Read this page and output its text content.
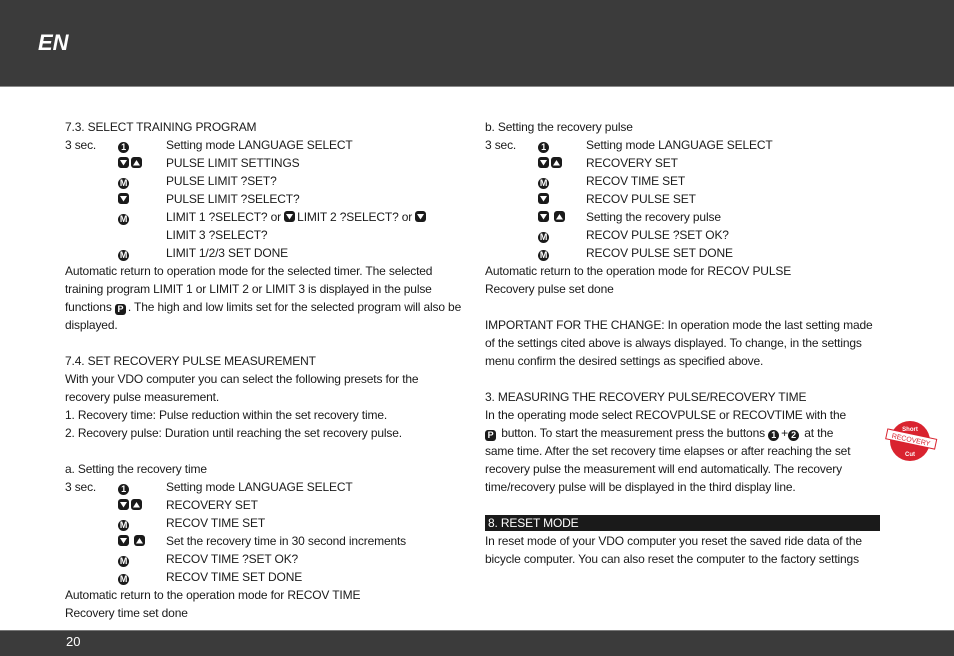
EN
7.3. SELECT TRAINING PROGRAM
3 sec.	1	Setting mode LANGUAGE SELECT
PULSE LIMIT SETTINGS
M	PULSE LIMIT ?SET?
PULSE LIMIT ?SELECT?
M	LIMIT 1 ?SELECT? or LIMIT 2 ?SELECT? or

LIMIT 3 ?SELECT?
M	LIMIT 1/2/3 SET DONE
Automatic return to operation mode for the selected timer. The selected training program LIMIT 1 or LIMIT 2 or LIMIT 3 is displayed in the pulse functions P . The high and low limits set for the selected program will also be displayed.
7.4. SET RECOVERY PULSE MEASUREMENT
With your VDO computer you can select the following presets for the recovery pulse measurement.
1. Recovery time: Pulse reduction within the set recovery time.
2. Recovery pulse: Duration until reaching the set recovery pulse.
a. Setting the recovery time
3 sec.	1	Setting mode LANGUAGE SELECT
RECOVERY SET
M	RECOV TIME SET

Set the recovery time in 30 second increments
M	RECOV TIME ?SET OK?
M	RECOV TIME SET DONE
Automatic return to the operation mode for RECOV TIME
Recovery time set done
b. Setting the recovery pulse
3 sec.	1	Setting mode LANGUAGE SELECT
RECOVERY SET
M	RECOV TIME SET
RECOV PULSE SET

Setting the recovery pulse
M	RECOV PULSE ?SET OK?
M	RECOV PULSE SET DONE
Automatic return to the operation mode for RECOV PULSE
Recovery pulse set done
IMPORTANT FOR THE CHANGE: In operation mode the last setting made of the settings cited above is always displayed. To change, in the settings menu confirm the desired settings as specified above.
3. MEASURING THE RECOVERY PULSE/RECOVERY TIME
In the operating mode select RECOVPULSE or RECOVTIME with the
P button. To start the measurement press the buttons 1 + 2 at the
same time. After the set recovery time elapses or after reaching the set recovery pulse the measurement will end automatically. The recovery time/recovery pulse will be displayed in the third display line.
8. RESET MODE
In reset mode of your VDO computer you reset the saved ride data of the bicycle computer. You can also reset the computer to the factory settings
Short
RECOVERY
Cut
20
